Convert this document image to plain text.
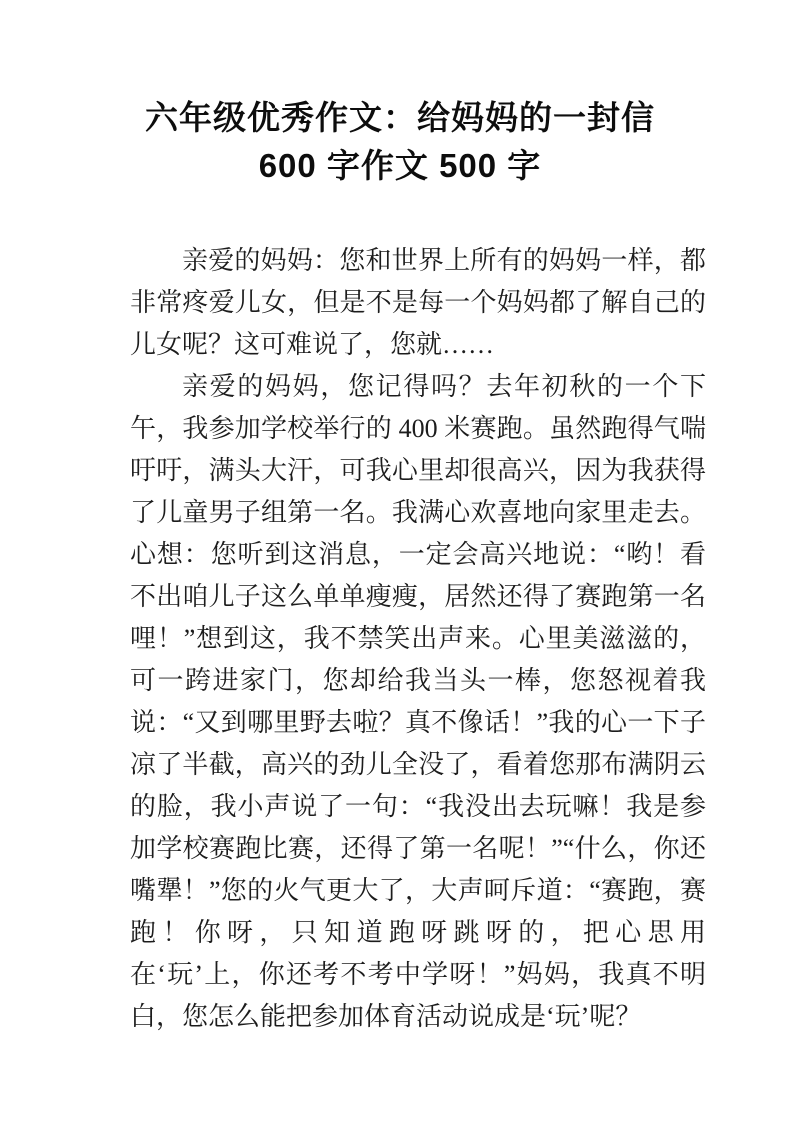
六年级优秀作文：给妈妈的一封信
600 字作文 500 字

亲爱的妈妈：您和世界上所有的妈妈一样，都非常疼爱儿女，但是不是每一个妈妈都了解自己的儿女呢？这可难说了，您就……

亲爱的妈妈，您记得吗？去年初秋的一个下午，我参加学校举行的 400 米赛跑。虽然跑得气喘吁吁，满头大汗，可我心里却很高兴，因为我获得了儿童男子组第一名。我满心欢喜地向家里走去。心想：您听到这消息，一定会高兴地说：“哟！看不出咱儿子这么单单瘦瘦，居然还得了赛跑第一名哩！”想到这，我不禁笑出声来。心里美滋滋的，可一跨进家门，您却给我当头一棒，您怒视着我说：“又到哪里野去啦？真不像话！”我的心一下子凉了半截，高兴的劲儿全没了，看着您那布满阴云的脸，我小声说了一句：“我没出去玩嘛！我是参加学校赛跑比赛，还得了第一名呢！”“什么，你还嘴犟！”您的火气更大了，大声呵斥道：“赛跑，赛跑！你呀，只知道跑呀跳呀的，把心思用在‘玩’上，你还考不考中学呀！”妈妈，我真不明白，您怎么能把参加体育活动说成是‘玩’呢？
